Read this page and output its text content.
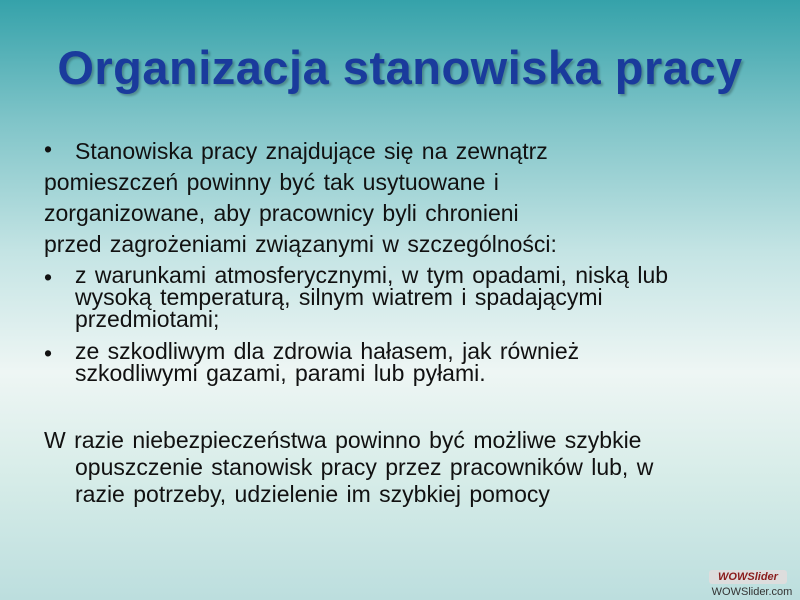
Organizacja stanowiska pracy
• Stanowiska pracy znajdujące się na zewnątrz
pomieszczeń powinny być tak usytuowane i
zorganizowane, aby pracownicy byli chronieni
przed zagrożeniami związanymi w szczególności:
• z warunkami atmosferycznymi, w tym opadami, niską lub
wysoką temperaturą, silnym wiatrem i spadającymi
przedmiotami;
• ze szkodliwym dla zdrowia hałasem, jak również
szkodliwymi gazami, parami lub pyłami.
W razie niebezpieczeństwa powinno być możliwe szybkie
opuszczenie stanowisk pracy przez pracowników lub, w
razie potrzeby, udzielenie im szybkiej pomocy
WOWSlider
WOWSlider.com
